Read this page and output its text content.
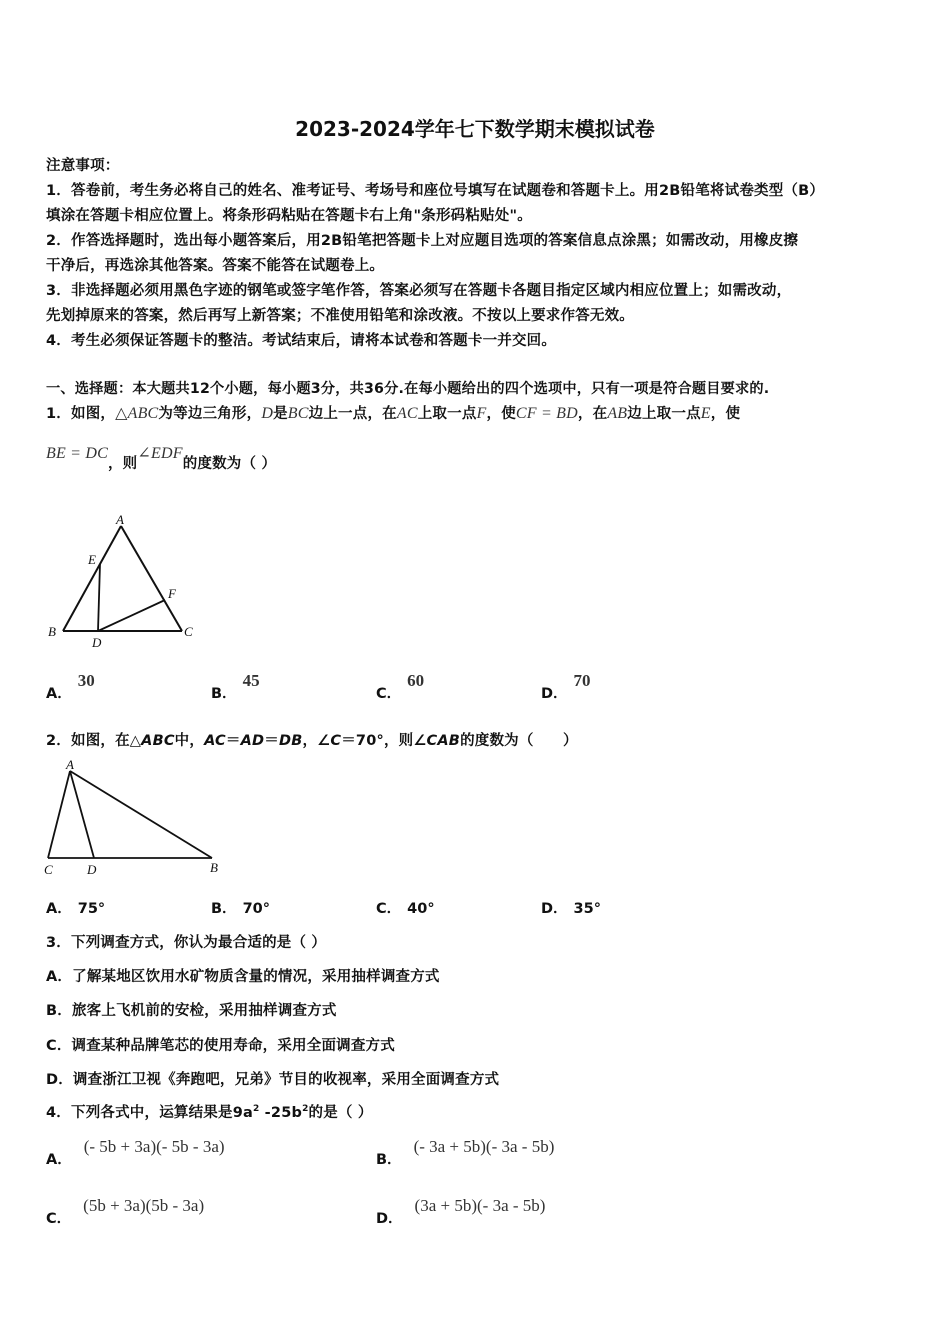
2023-2024学年七下数学期末模拟试卷
注意事项：
1．答卷前，考生务必将自己的姓名、准考证号、考场号和座位号填写在试题卷和答题卡上。用2B铅笔将试卷类型（B）
填涂在答题卡相应位置上。将条形码粘贴在答题卡右上角"条形码粘贴处"。
2．作答选择题时，选出每小题答案后，用2B铅笔把答题卡上对应题目选项的答案信息点涂黑；如需改动，用橡皮擦
干净后，再选涂其他答案。答案不能答在试题卷上。
3．非选择题必须用黑色字迹的钢笔或签字笔作答，答案必须写在答题卡各题目指定区域内相应位置上；如需改动，
先划掉原来的答案，然后再写上新答案；不准使用铅笔和涂改液。不按以上要求作答无效。
4．考生必须保证答题卡的整洁。考试结束后，请将本试卷和答题卡一并交回。
一、选择题：本大题共12个小题，每小题3分，共36分.在每小题给出的四个选项中，只有一项是符合题目要求的.
1．如图，△ABC为等边三角形，D是BC边上一点，在AC上取一点F，使CF = BD，在AB边上取一点E，使
BE = DC，则∠EDF的度数为（ ）
A
B	C
D
E
F
A．30
B．45
C．60
D．70
2．如图，在△ABC中，AC＝AD＝DB，∠C＝70°，则∠CAB的度数为（　　）
A
C	D	B
A． 75°	B． 70°	C． 40°	D． 35°
3．下列调查方式，你认为最合适的是（ ）
A．了解某地区饮用水矿物质含量的情况，采用抽样调查方式
B．旅客上飞机前的安检，采用抽样调查方式
C．调查某种品牌笔芯的使用寿命，采用全面调查方式
D．调查浙江卫视《奔跑吧，兄弟》节目的收视率，采用全面调查方式
4．下列各式中，运算结果是$9a^2$ $-25b^2$的是（ ）
A．(- 5b + 3a)(- 5b - 3a)
B．(- 3a + 5b)(- 3a - 5b)
C．(5b + 3a)(5b - 3a)
D．(3a + 5b)(- 3a - 5b)
